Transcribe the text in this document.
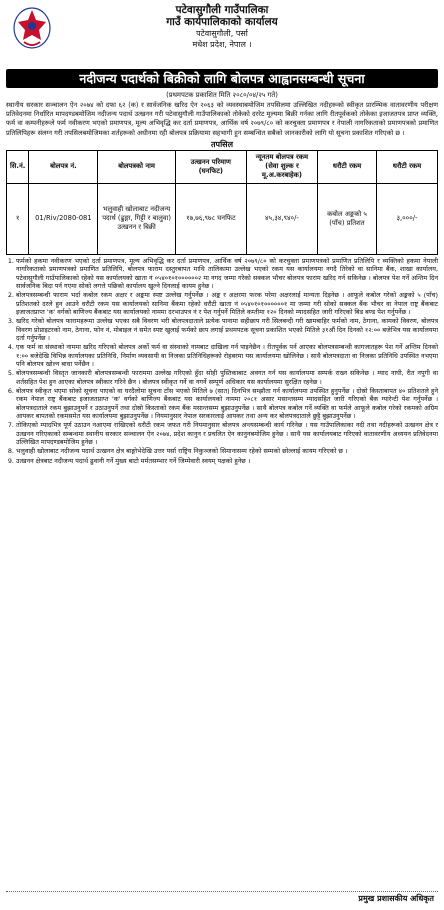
पटेवासुगौली गाउँपालिका
गाउँ कार्यपालिकाको कार्यालय
पटेवासुगौली, पर्सा
मधेश प्रदेश, नेपाल ।
नदीजन्य पदार्थको बिक्रीको लागि बोलपत्र आह्वानसम्बन्धी सूचना
(प्रथमपटक प्रकाशित मिति २०८०/०४/२५ गते)
स्थानीय सरकार सञ्चालन ऐन २०७४ को दफा ६२ (क) र सार्वजनिक खरिद ऐन २०६३ को व्यवस्थाबमोजिम तपसिलमा उल्लिखित नदीहरूको स्वीकृत प्रारम्भिक वातावरणीय परीक्षण प्रतिवेदनमा निर्धारित मापदण्डबमोजिम नदीजन्य पदार्थ उत्खनन गरी पटेवासुगौली गाउँपालिकाको तोकेको दररेट मूल्यमा बिक्री गर्नका लागि रीतपूर्वकको तोकेका इजाजतपत्र प्राप्त व्यक्ति, फर्म वा कम्पनीहरूले फर्म नवीकरण भएको प्रमाणपत्र, मूल्य अभिवृद्धि कर दर्ता प्रमाणपत्र, आर्थिक वर्ष २०७९/८० को करचुक्ता प्रमाणपत्र र नेपाली नागरिकताको प्रमाणपत्रको प्रमाणित प्रतिलिपिहरू संलग्न गरी तपसिलबमोजिमका शर्तहरूको अधीनमा रही बोलपत्र प्रक्रियामा सहभागी हुन सम्बन्धित सबैको जानकारीको लागि यो सूचना प्रकाशित गरिएको छ ।
तपसिल
सि.नं.	बोलपत्र नं.	बोलपत्रको नाम	उत्खनन परिमाण (घनफिट)	न्यूनतम बोलपत्र रकम (सेवा शुल्क र मू.अ.करबाहेक)	धरौटी रकम	धरौटी रकम
१	01/Riv/2080-081	भलुवाही खोलाबाट नदीजन्य पदार्थ (ढुङ्गा, गिट्टी र बालुवा) उत्खनन र बिक्री	१७,७६,९७८ घनफिट	४५,३४,९४०/-	कबोल अङ्कको ५ (पाँच) प्रतिशत	३,०००/-
1. फर्मको हकमा नवीकरण भएको दर्ता प्रमाणपत्र, मूल्य अभिवृद्धि कर दर्ता प्रमाणपत्र, आर्थिक वर्ष २०७९/८० को करचुक्ता प्रमाणपत्रको प्रमाणित प्रतिलिपि र व्यक्तिको हकमा नेपाली नागरिकताको प्रमाणपत्रको प्रमाणित प्रतिलिपि, बोलपत्र फाराम दस्तुरबापत माथि तालिकामा उल्लेख भएको रकम यस कार्यालयमा नगदै तिरेको वा सानिमा बैंक, शाखा कार्यालय, पटेवासुगौली गाउँपालिकाको रहेको यस कार्यालयको खाता नं ०५४०१०१००००००२ मा नगद जम्मा गरेको सक्कल भौचर बोलपत्र फाराम खरिद गर्न सकिनेछ । बोलपत्र पेश गर्ने अन्तिम दिन सार्वजनिक बिदा पर्न गएमा सोको लगत्ते पछिको कार्यालय खुल्ने दिनलाई कायम हुनेछ ।
2. बोलपत्रसम्बन्धी फाराम भर्दा कबोल रकम अक्षर र अङ्कमा स्पष्ट उल्लेख गर्नुपर्नेछ । अङ्क र अक्षरमा फरक परेमा अक्षरलाई मान्यता दिइनेछ । आफूले कबोल गरेको अङ्कको ५ (पाँच) प्रतिशतको दरले हुन आउने धरौटी रकम यस कार्यालयको सानिमा बैंकमा रहेको धरौटी खाता नं ०५४०१०१००००००१ मा जम्मा गरी सोको सक्कल बैंक भौचर वा नेपाल राष्ट्र बैंकबाट इजाजतप्राप्त 'क' वर्गको बाणिज्य बैंकबाट यस कार्यालयको नाममा दरभाउपत्र नं र पेश गर्नुपर्ने मितिले कम्तीमा १२० दिनको म्यादसहित जारी गरिएको बिड बण्ड पेश गर्नुपर्नेछ ।
3. खरिद गरेको बोलपत्र फारामहरूमा उल्लेख भएका सबै विवरण भरी बोलपत्रदाताले प्रत्येक पानामा सहीछाप गरी सिलबन्दी गरी खामबाहिर फर्मको नाम, ठेगाना, कामको विवरण, बोलपत्र विवरण प्रोप्राइटरको नाम, ठेगाना, फोन नं, मोबाइल नं समेत स्पष्ट खुलाई फर्मको छाप लगाई प्रथमपटक सूचना प्रकाशित भएको मितिले ३१औं दिन दिनको १२:०० बजेभित्र यस कार्यालयमा दर्ता गर्नुपर्नेछ ।
4. एक फर्म वा संस्थाको नाममा खरिद गरिएको बोलपत्र अर्को फर्म वा संस्थाको नामबाट दाखिला गर्न पाइनेछैन । रीतपूर्वक पर्न आएका बोलपत्रसम्बन्धी कागजातहरू पेश गर्ने अन्तिम दिनको १:०० बजेदेखि विभिन्न कार्यालयका प्रतिनिधि, निर्माण व्यवसायी वा निजका प्रतिनिधिहरूको रोहबरमा यस कार्यालयमा खोलिनेछ । साथै बोलपत्रदाता वा निजका प्रतिनिधि उपस्थित नभएमा पनि बोलपत्र खोल्न बाधा पर्नेछैन ।
5. बोलपत्रसम्बन्धी विस्तृत जानकारी बोलपत्रसम्बन्धी फाराममा उल्लेख गरिएको हुँदा सोही पुस्तिकाबाट अवगत गर्न यस कार्यालयमा सम्पर्क राख्न सकिनेछ । म्याद नाघी, रीत नपुगी वा शर्तसहित पेश हुन आएका बोलपत्र स्वीकार गरिने छैन । बोलपत्र स्वीकृत गर्ने वा नगर्ने सम्पूर्ण अधिकार यस कार्यालयमा सुरक्षित रहनेछ ।
6. बोलपत्र स्वीकृत भएमा सोको सूचना पाएको वा घरदैलोमा सूचना टाँस भएको मितिले ७ (सात) दिनभित्र सम्झौता गर्न कार्यालयमा उपस्थित हुनुपर्नेछ । दोस्रो किस्ताबापत ४० प्रतिशतले हुने रकम नेपाल राष्ट्र बैंकबाट इजाजतप्राप्त 'क' वर्गको बाणिज्य बैंकबाट यस कार्यालयको नाममा २०८१ असार मसान्तसम्म म्यादसहित जारी गरिएको बैंक ग्यारेन्टी पेश गर्नुपर्नेछ । बोलपत्रदाताले रकम बुझाउनुपर्ने र उठाउनुपर्ने तथा दोस्रो किस्ताको रकम बैंक मसान्तसम्म बुझाउनुपर्नेछ । साथै बोलपत्र कबोल गर्ने व्यक्ति वा फर्मले आफूले कबोल गरेको रकमको अग्रिम आयकर बापतको रकमसमेत यस कार्यालयमा बुझाउनुपर्नेछ । नियमानुसार नेपाल सरकारलाई आयकर तथा अन्य कर बोलपत्रदाताले छुट्टै बुझाउनुपर्नेछ ।
7. तोकिएको म्यादभित्र पूर्ण उठाउन नआएमा राखिएको धरौटी रकम जफत गरी नियमानुसार बोलपत्र अन्त्यसम्बन्धी कार्य गरिनेछ । यस गाउँपालिकाका नदी तथा नदीहरूको उत्खनन क्षेत्र र उत्खनन गरिएकाको सम्बन्धमा स्थानीय सरकार सञ्चालन ऐन २०७४, प्रदेश कानुन र प्रचलित ऐन कानुनबमोजिम हुनेछ । साथै यस कार्यालयबाट गरिएको वातावरणीय अध्ययन प्रतिवेदनमा उल्लिखित मापदण्डबमोजिम हुनेछ ।
8. भलुवाही खोलाबाट नदीजन्य पदार्थ उत्खनन क्षेत्र बाङ्गोभेदेखि उत्तर पर्सा राष्ट्रिय निकुञ्जको सिमानासम्म रहेको सम्मको छोल्लाई कायम गरिएको छ ।
9. उत्खनन क्षेत्रबाट नदीजन्य पदार्थ ढुवानी गर्ने मुख्य बाटो मर्मतसम्भार गर्ने जिम्मेवारी स्वयम् पक्षको हुनेछ ।
प्रमुख प्रशासकीय अधिकृत
